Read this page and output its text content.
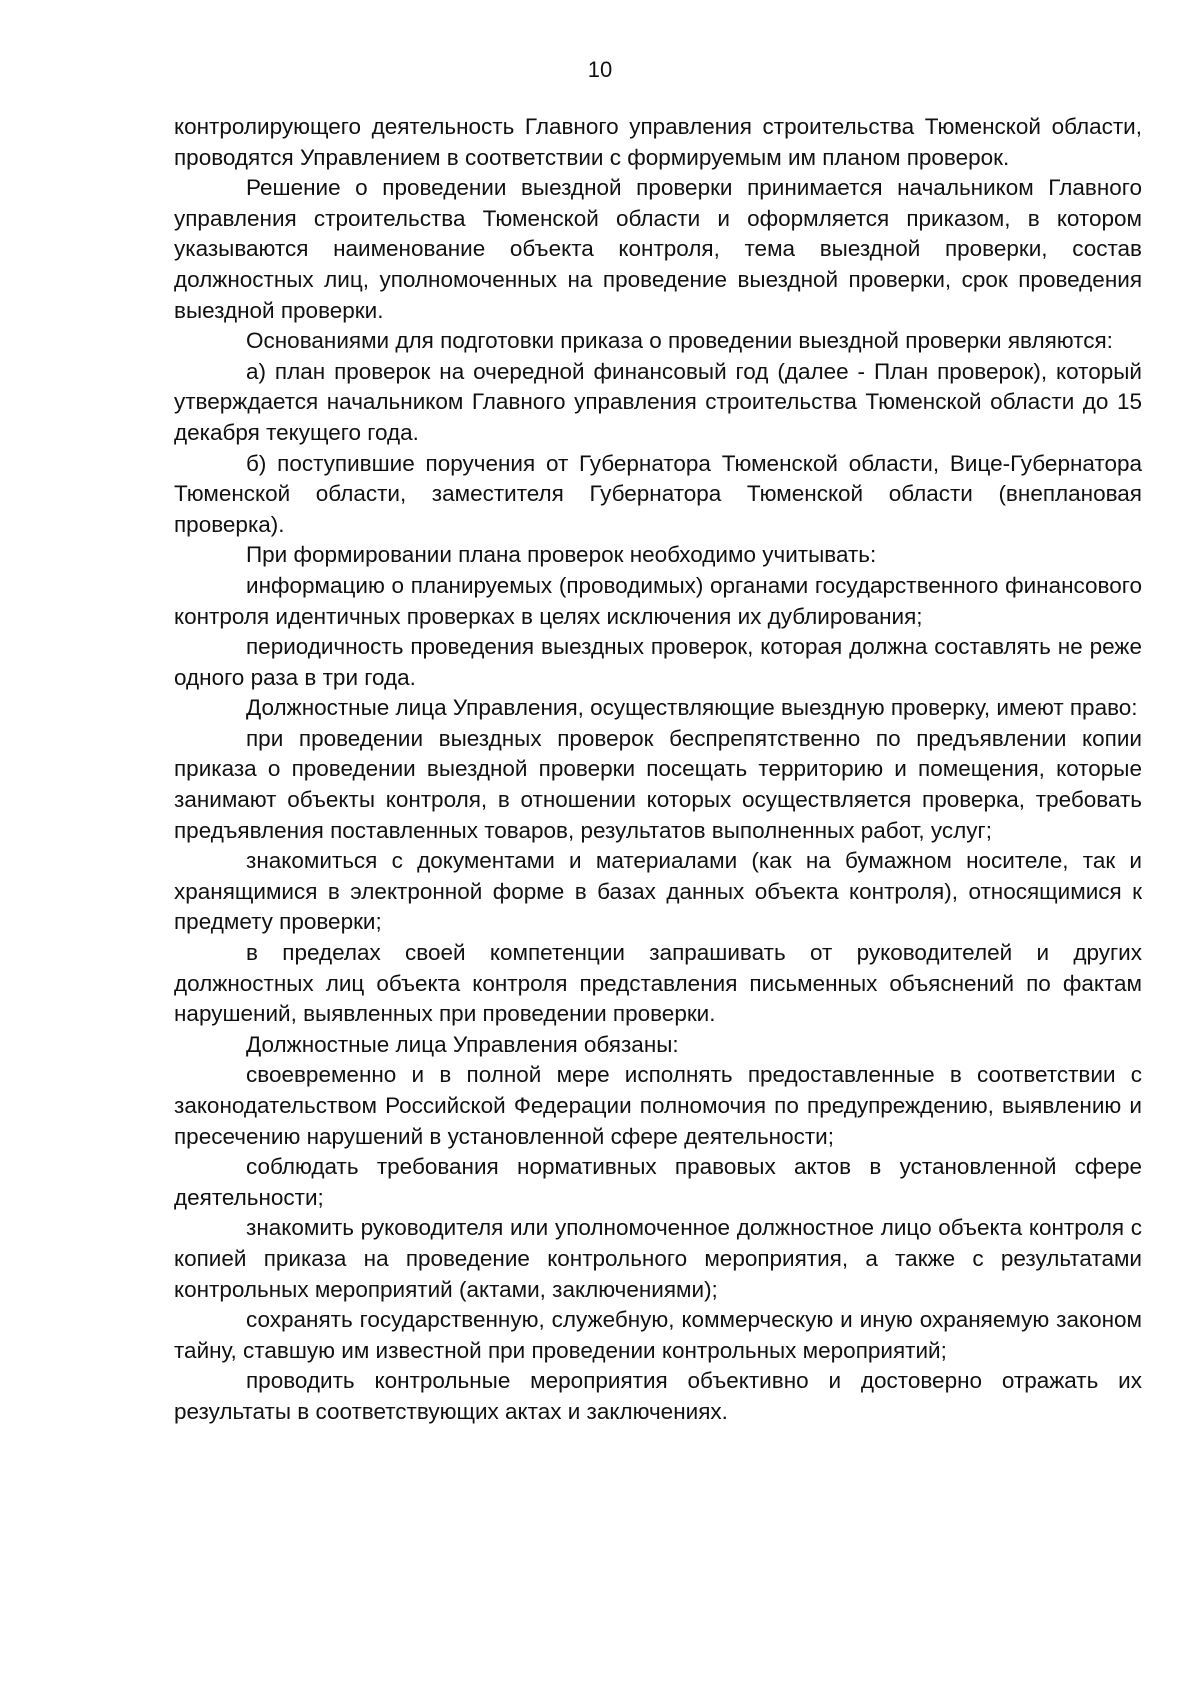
10

контролирующего деятельность Главного управления строительства Тюменской области, проводятся Управлением в соответствии с формируемым им планом проверок.

Решение о проведении выездной проверки принимается начальником Главного управления строительства Тюменской области и оформляется приказом, в котором указываются наименование объекта контроля, тема выездной проверки, состав должностных лиц, уполномоченных на проведение выездной проверки, срок проведения выездной проверки.

Основаниями для подготовки приказа о проведении выездной проверки являются:

а) план проверок на очередной финансовый год (далее - План проверок), который утверждается начальником Главного управления строительства Тюменской области до 15 декабря текущего года.

б) поступившие поручения от Губернатора Тюменской области, Вице-Губернатора Тюменской области, заместителя Губернатора Тюменской области (внеплановая проверка).

При формировании плана проверок необходимо учитывать:

информацию о планируемых (проводимых) органами государственного финансового контроля идентичных проверках в целях исключения их дублирования;

периодичность проведения выездных проверок, которая должна составлять не реже одного раза в три года.

Должностные лица Управления, осуществляющие выездную проверку, имеют право:

при проведении выездных проверок беспрепятственно по предъявлении копии приказа о проведении выездной проверки посещать территорию и помещения, которые занимают объекты контроля, в отношении которых осуществляется проверка, требовать предъявления поставленных товаров, результатов выполненных работ, услуг;

знакомиться с документами и материалами (как на бумажном носителе, так и хранящимися в электронной форме в базах данных объекта контроля), относящимися к предмету проверки;

в пределах своей компетенции запрашивать от руководителей и других должностных лиц объекта контроля представления письменных объяснений по фактам нарушений, выявленных при проведении проверки.

Должностные лица Управления обязаны:

своевременно и в полной мере исполнять предоставленные в соответствии с законодательством Российской Федерации полномочия по предупреждению, выявлению и пресечению нарушений в установленной сфере деятельности;

соблюдать требования нормативных правовых актов в установленной сфере деятельности;

знакомить руководителя или уполномоченное должностное лицо объекта контроля с копией приказа на проведение контрольного мероприятия, а также с результатами контрольных мероприятий (актами, заключениями);

сохранять государственную, служебную, коммерческую и иную охраняемую законом тайну, ставшую им известной при проведении контрольных мероприятий;

проводить контрольные мероприятия объективно и достоверно отражать их результаты в соответствующих актах и заключениях.
